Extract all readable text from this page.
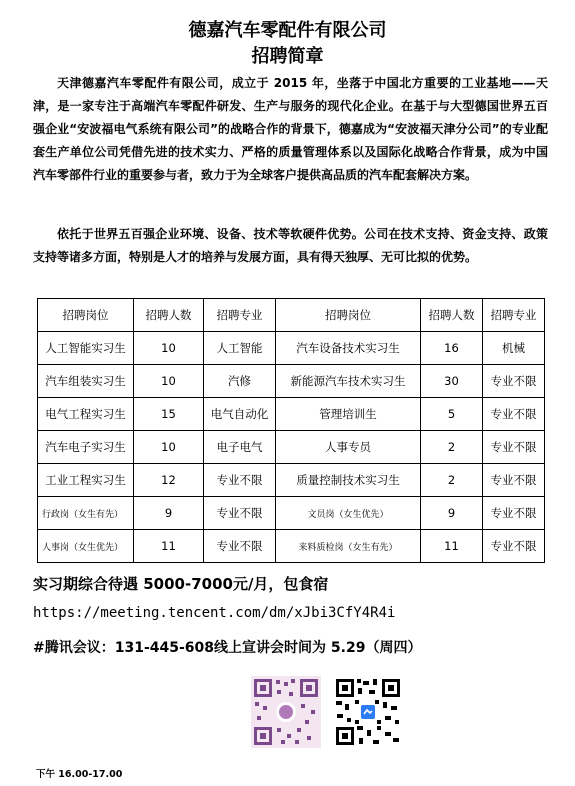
德嘉汽车零配件有限公司
招聘简章
天津德嘉汽车零配件有限公司，成立于 2015 年，坐落于中国北方重要的工业基地——天津，是一家专注于高端汽车零配件研发、生产与服务的现代化企业。在基于与大型德国世界五百强企业“安波福电气系统有限公司”的战略合作的背景下，德嘉成为“安波福天津分公司”的专业配套生产单位公司凭借先进的技术实力、严格的质量管理体系以及国际化战略合作背景，成为中国汽车零部件行业的重要参与者，致力于为全球客户提供高品质的汽车配套解决方案。
依托于世界五百强企业环境、设备、技术等软硬件优势。公司在技术支持、资金支持、政策支持等诸多方面，特别是人才的培养与发展方面，具有得天独厚、无可比拟的优势。
招聘岗位	招聘人数	招聘专业	招聘岗位	招聘人数	招聘专业
人工智能实习生	10	人工智能	汽车设备技术实习生	16	机械
汽车组装实习生	10	汽修	新能源汽车技术实习生	30	专业不限
电气工程实习生	15	电气自动化	管理培训生	5	专业不限
汽车电子实习生	10	电子电气	人事专员	2	专业不限
工业工程实习生	12	专业不限	质量控制技术实习生	2	专业不限
行政岗（女生有先）	9	专业不限	文员岗（女生优先）	9	专业不限
人事岗（女生优先）	11	专业不限	来料质检岗（女生有先）	11	专业不限
实习期综合待遇 5000-7000元/月，包食宿
https://meeting.tencent.com/dm/xJbi3CfY4R4i
#腾讯会议：131-445-608线上宣讲会时间为 5.29（周四）
下午 16.00-17.00
